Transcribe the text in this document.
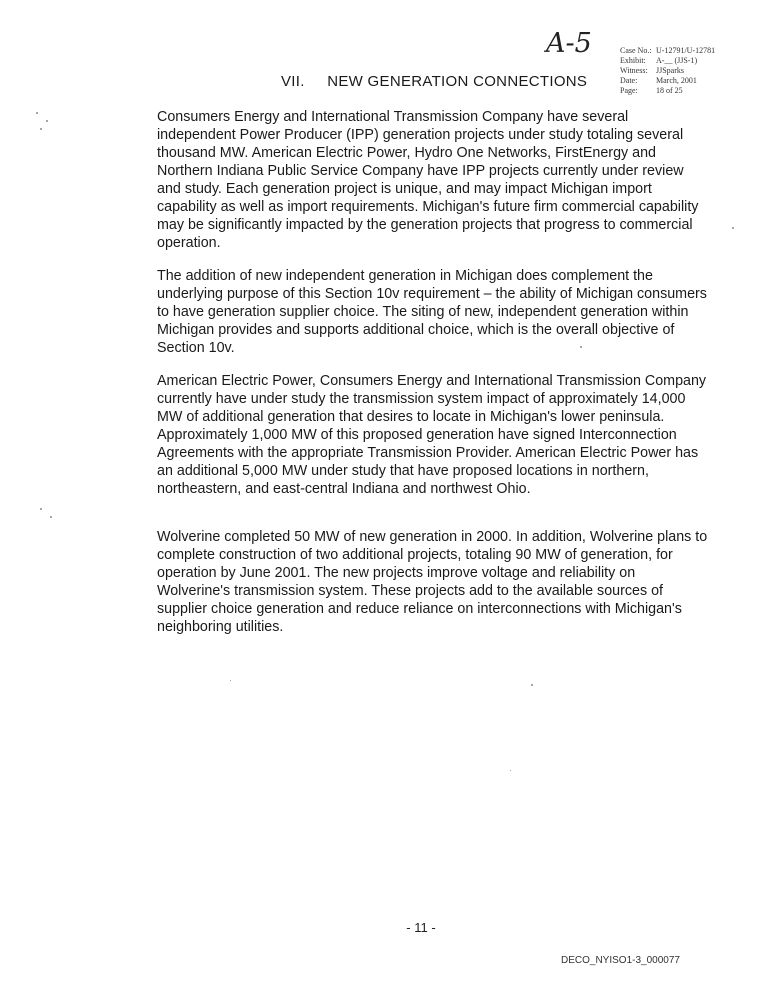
A-5	Case No.: U-12791/U-12781
Exhibit:	A-__ (JJS-1)
Witness:	JJSparks
Date:	March, 2001
Page:	18 of 25
VII. NEW GENERATION CONNECTIONS

Consumers Energy and International Transmission Company have several independent Power Producer (IPP) generation projects under study totaling several thousand MW. American Electric Power, Hydro One Networks, FirstEnergy and Northern Indiana Public Service Company have IPP projects currently under review and study. Each generation project is unique, and may impact Michigan import capability as well as import requirements. Michigan's future firm commercial capability may be significantly impacted by the generation projects that progress to commercial operation.

The addition of new independent generation in Michigan does complement the underlying purpose of this Section 10v requirement – the ability of Michigan consumers to have generation supplier choice. The siting of new, independent generation within Michigan provides and supports additional choice, which is the overall objective of Section 10v.

American Electric Power, Consumers Energy and International Transmission Company currently have under study the transmission system impact of approximately 14,000 MW of additional generation that desires to locate in Michigan's lower peninsula. Approximately 1,000 MW of this proposed generation have signed Interconnection Agreements with the appropriate Transmission Provider. American Electric Power has an additional 5,000 MW under study that have proposed locations in northern, northeastern, and east-central Indiana and northwest Ohio.

Wolverine completed 50 MW of new generation in 2000. In addition, Wolverine plans to complete construction of two additional projects, totaling 90 MW of generation, for operation by June 2001. The new projects improve voltage and reliability on Wolverine's transmission system. These projects add to the available sources of supplier choice generation and reduce reliance on interconnections with Michigan's neighboring utilities.

- 11 -
DECO_NYISO1-3_000077
